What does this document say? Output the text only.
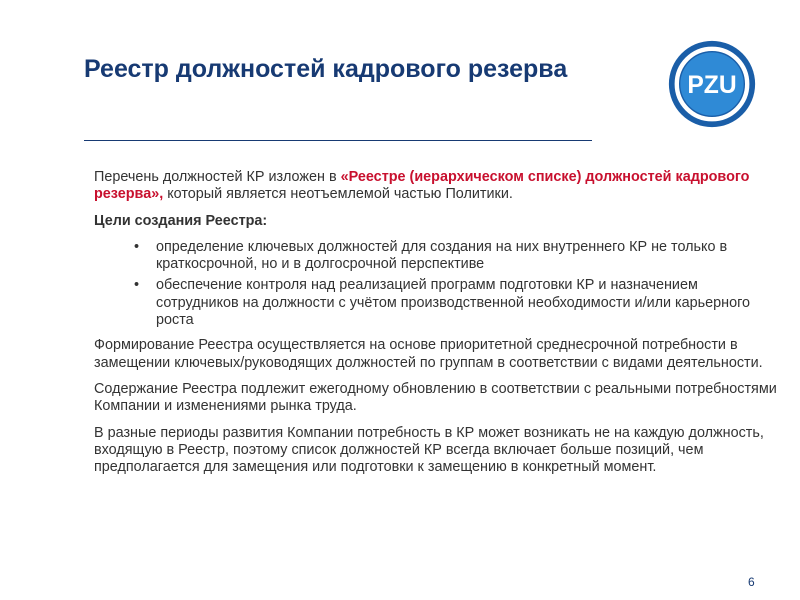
Реестр должностей кадрового резерва
PZU

Перечень должностей КР изложен в «Реестре (иерархическом списке) должностей кадрового резерва», который является неотъемлемой частью Политики.

Цели создания Реестра:

• определение ключевых должностей для создания на них внутреннего КР не только в краткосрочной, но и в долгосрочной перспективе
• обеспечение контроля над реализацией программ подготовки КР и назначением сотрудников на должности с учётом производственной необходимости и/или карьерного роста

Формирование Реестра осуществляется на основе приоритетной среднесрочной потребности в замещении ключевых/руководящих должностей по группам в соответствии с видами деятельности.

Содержание Реестра подлежит ежегодному обновлению в соответствии с реальными потребностями Компании и изменениями рынка труда.

В разные периоды развития Компании потребность в КР может возникать не на каждую должность, входящую в Реестр, поэтому список должностей КР всегда включает больше позиций, чем предполагается для замещения или подготовки к замещению в конкретный момент.

6
